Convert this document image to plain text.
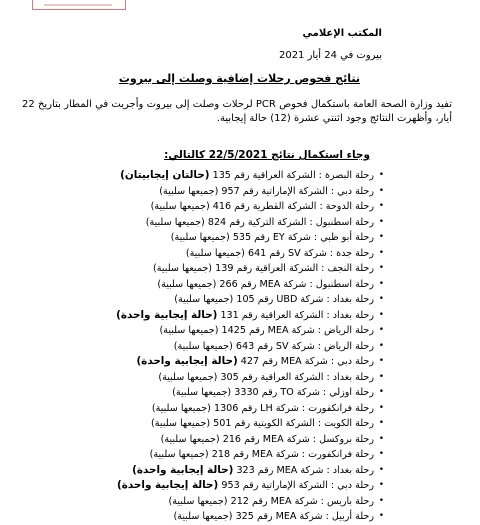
المكتب الإعلامي
بيروت في 24 أيار 2021
نتائج فحوص رحلات إضافية وصلت إلى بيروت
تفيد وزارة الصحة العامة باستكمال فحوص PCR لرحلات وصلت إلى بيروت وأجريت في المطار بتاريخ 22 أيار، وأظهرت النتائج وجود اثنتي عشرة (12) حالة إيجابية.
وجاء استكمال نتائج 22/5/2021 كالتالي:
• رحلة البصرة : الشركة العراقية رقم 135 (حالتان إيجابيتان)
• رحلة دبي : الشركة الإماراتية رقم 957 (جميعها سلبية)
• رحلة الدوحة : الشركة القطرية رقم 416 (جميعها سلبية)
• رحلة اسطنبول : الشركة التركية رقم 824 (جميعها سلبية)
• رحلة أبو ظبي : شركة EY رقم 535 (جميعها سلبية)
• رحلة جدة : شركة SV رقم 641 (جميعها سلبية)
• رحلة النجف : الشركة العراقية رقم 139 (جميعها سلبية)
• رحلة اسطنبول : شركة MEA رقم 266 (جميعها سلبية)
• رحلة بغداد : شركة UBD رقم 105 (جميعها سلبية)
• رحلة بغداد : الشركة العراقية رقم 131 (حالة إيجابية واحدة)
• رحلة الرياض : شركة MEA رقم 1425 (جميعها سلبية)
• رحلة الرياض : شركة SV رقم 643 (جميعها سلبية)
• رحلة دبي : شركة MEA رقم 427 (حالة إيجابية واحدة)
• رحلة بغداد : الشركة العراقية رقم 305 (جميعها سلبية)
• رحلة اوزلي : شركة TO رقم 3330 (جميعها سلبية)
• رحلة فرانكفورت : شركة LH رقم 1306 (جميعها سلبية)
• رحلة الكويت : الشركة الكويتية رقم 501 (جميعها سلبية)
• رحلة بروكسل : شركة MEA رقم 216 (جميعها سلبية)
• رحلة فرانكفورت : شركة MEA رقم 218 (جميعها سلبية)
• رحلة بغداد : شركة MEA رقم 323 (حالة إيجابية واحدة)
• رحلة دبي : الشركة الإماراتية رقم 953 (حالة إيجابية واحدة)
• رحلة باريس : شركة MEA رقم 212 (جميعها سلبية)
• رحلة أربيل : شركة MEA رقم 325 (جميعها سلبية)
